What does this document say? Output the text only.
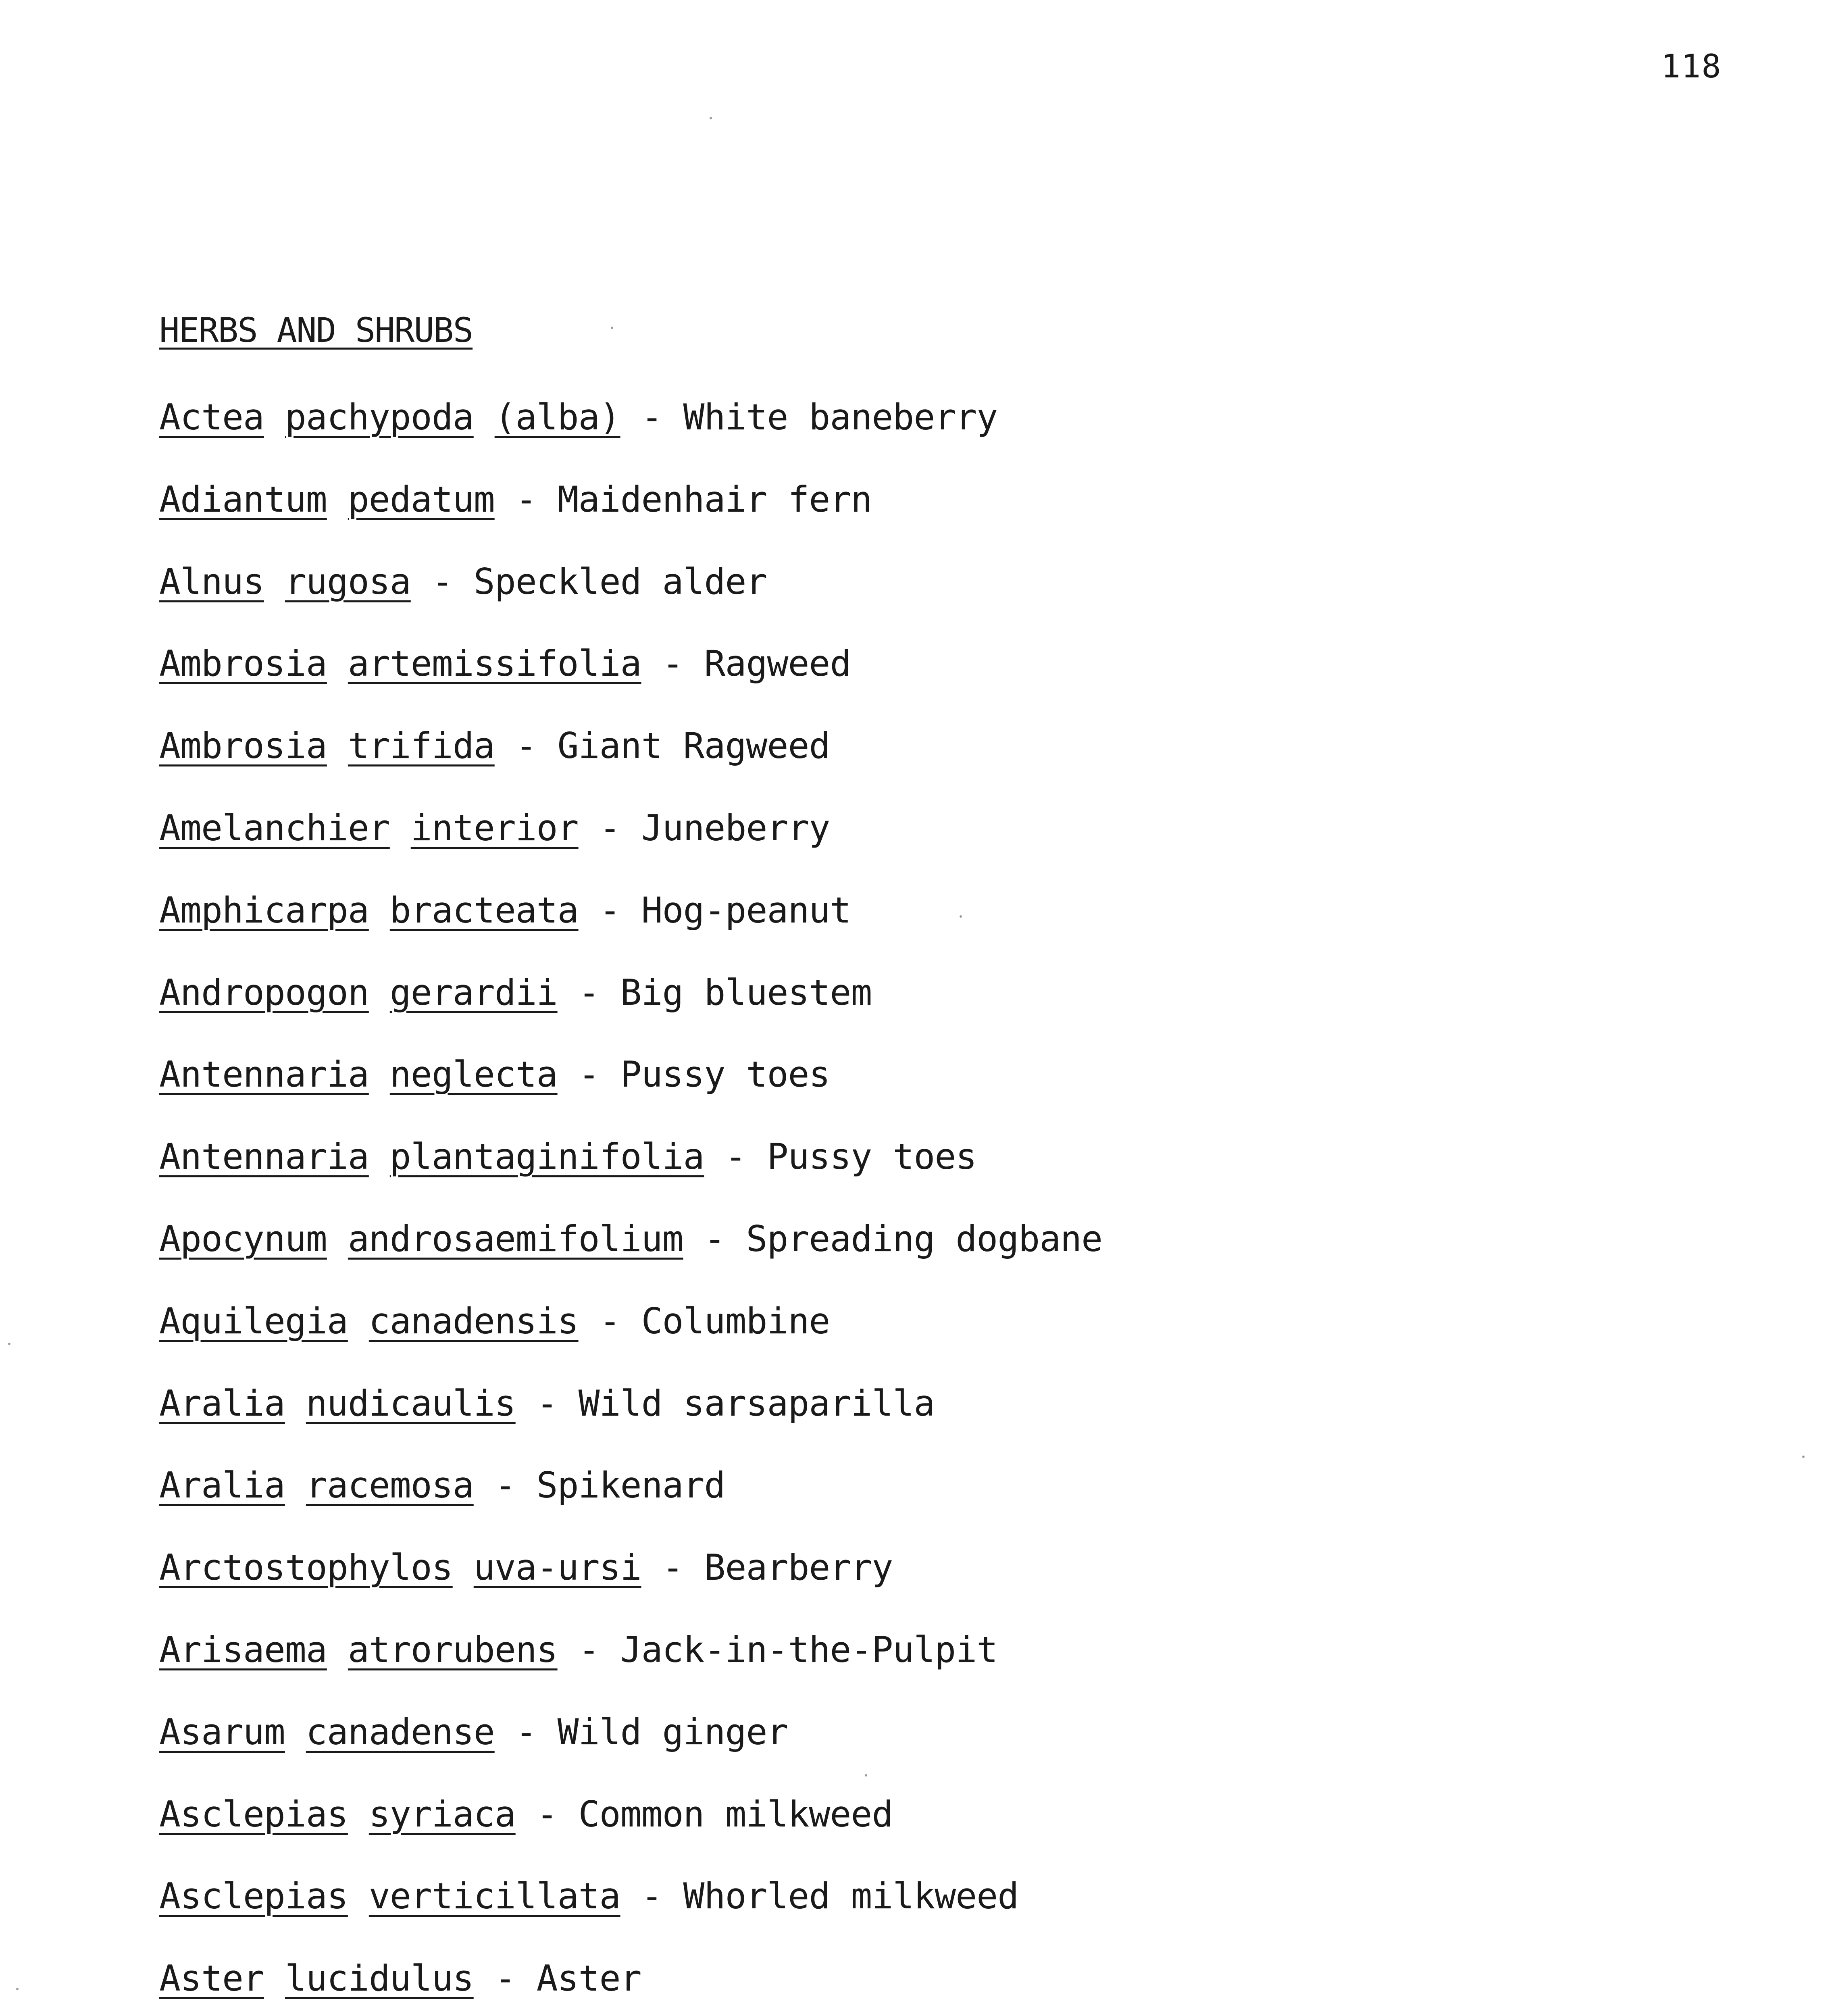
118
HERBS AND SHRUBS
Actea pachypoda (alba) - White baneberry
Adiantum pedatum - Maidenhair fern
Alnus rugosa - Speckled alder
Ambrosia artemissifolia - Ragweed
Ambrosia trifida - Giant Ragweed
Amelanchier interior - Juneberry
Amphicarpa bracteata - Hog-peanut
Andropogon gerardii - Big bluestem
Antennaria neglecta - Pussy toes
Antennaria plantaginifolia - Pussy toes
Apocynum androsaemifolium - Spreading dogbane
Aquilegia canadensis - Columbine
Aralia nudicaulis - Wild sarsaparilla
Aralia racemosa - Spikenard
Arctostophylos uva-ursi - Bearberry
Arisaema atrorubens - Jack-in-the-Pulpit
Asarum canadense - Wild ginger
Asclepias syriaca - Common milkweed
Asclepias verticillata - Whorled milkweed
Aster lucidulus - Aster
